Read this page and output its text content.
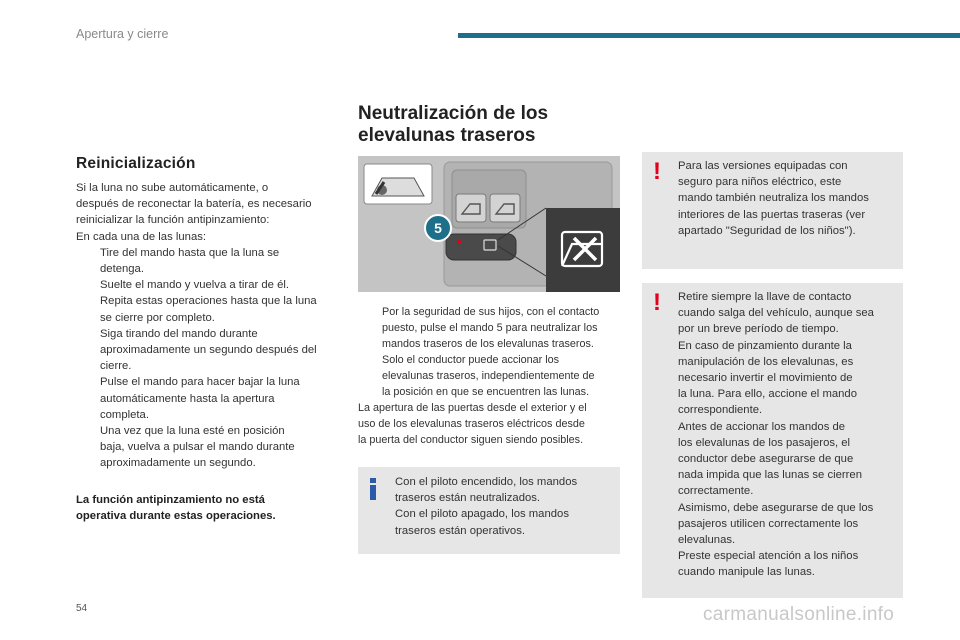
Apertura y cierre
Reinicialización
Si la luna no sube automáticamente, o
después de reconectar la batería, es necesario
reinicializar la función antipinzamiento:
En cada una de las lunas:
Tire del mando hasta que la luna se
detenga.
Suelte el mando y vuelva a tirar de él.
Repita estas operaciones hasta que la luna
se cierre por completo.
Siga tirando del mando durante
aproximadamente un segundo después del
cierre.
Pulse el mando para hacer bajar la luna
automáticamente hasta la apertura
completa.
Una vez que la luna esté en posición
baja, vuelva a pulsar el mando durante
aproximadamente un segundo.
La función antipinzamiento no está
operativa durante estas operaciones.
Neutralización de los
elevalunas traseros
5
Por la seguridad de sus hijos, con el contacto
puesto, pulse el mando 5 para neutralizar los
mandos traseros de los elevalunas traseros.
Solo el conductor puede accionar los
elevalunas traseros, independientemente de
la posición en que se encuentren las lunas.
La apertura de las puertas desde el exterior y el
uso de los elevalunas traseros eléctricos desde
la puerta del conductor siguen siendo posibles.
Con el piloto encendido, los mandos
traseros están neutralizados.
Con el piloto apagado, los mandos
traseros están operativos.
! Para las versiones equipadas con
seguro para niños eléctrico, este
mando también neutraliza los mandos
interiores de las puertas traseras (ver
apartado "Seguridad de los niños").
! Retire siempre la llave de contacto
cuando salga del vehículo, aunque sea
por un breve período de tiempo.
En caso de pinzamiento durante la
manipulación de los elevalunas, es
necesario invertir el movimiento de
la luna. Para ello, accione el mando
correspondiente.
Antes de accionar los mandos de
los elevalunas de los pasajeros, el
conductor debe asegurarse de que
nada impida que las lunas se cierren
correctamente.
Asimismo, debe asegurarse de que los
pasajeros utilicen correctamente los
elevalunas.
Preste especial atención a los niños
cuando manipule las lunas.
54	carmanualsonline.info
